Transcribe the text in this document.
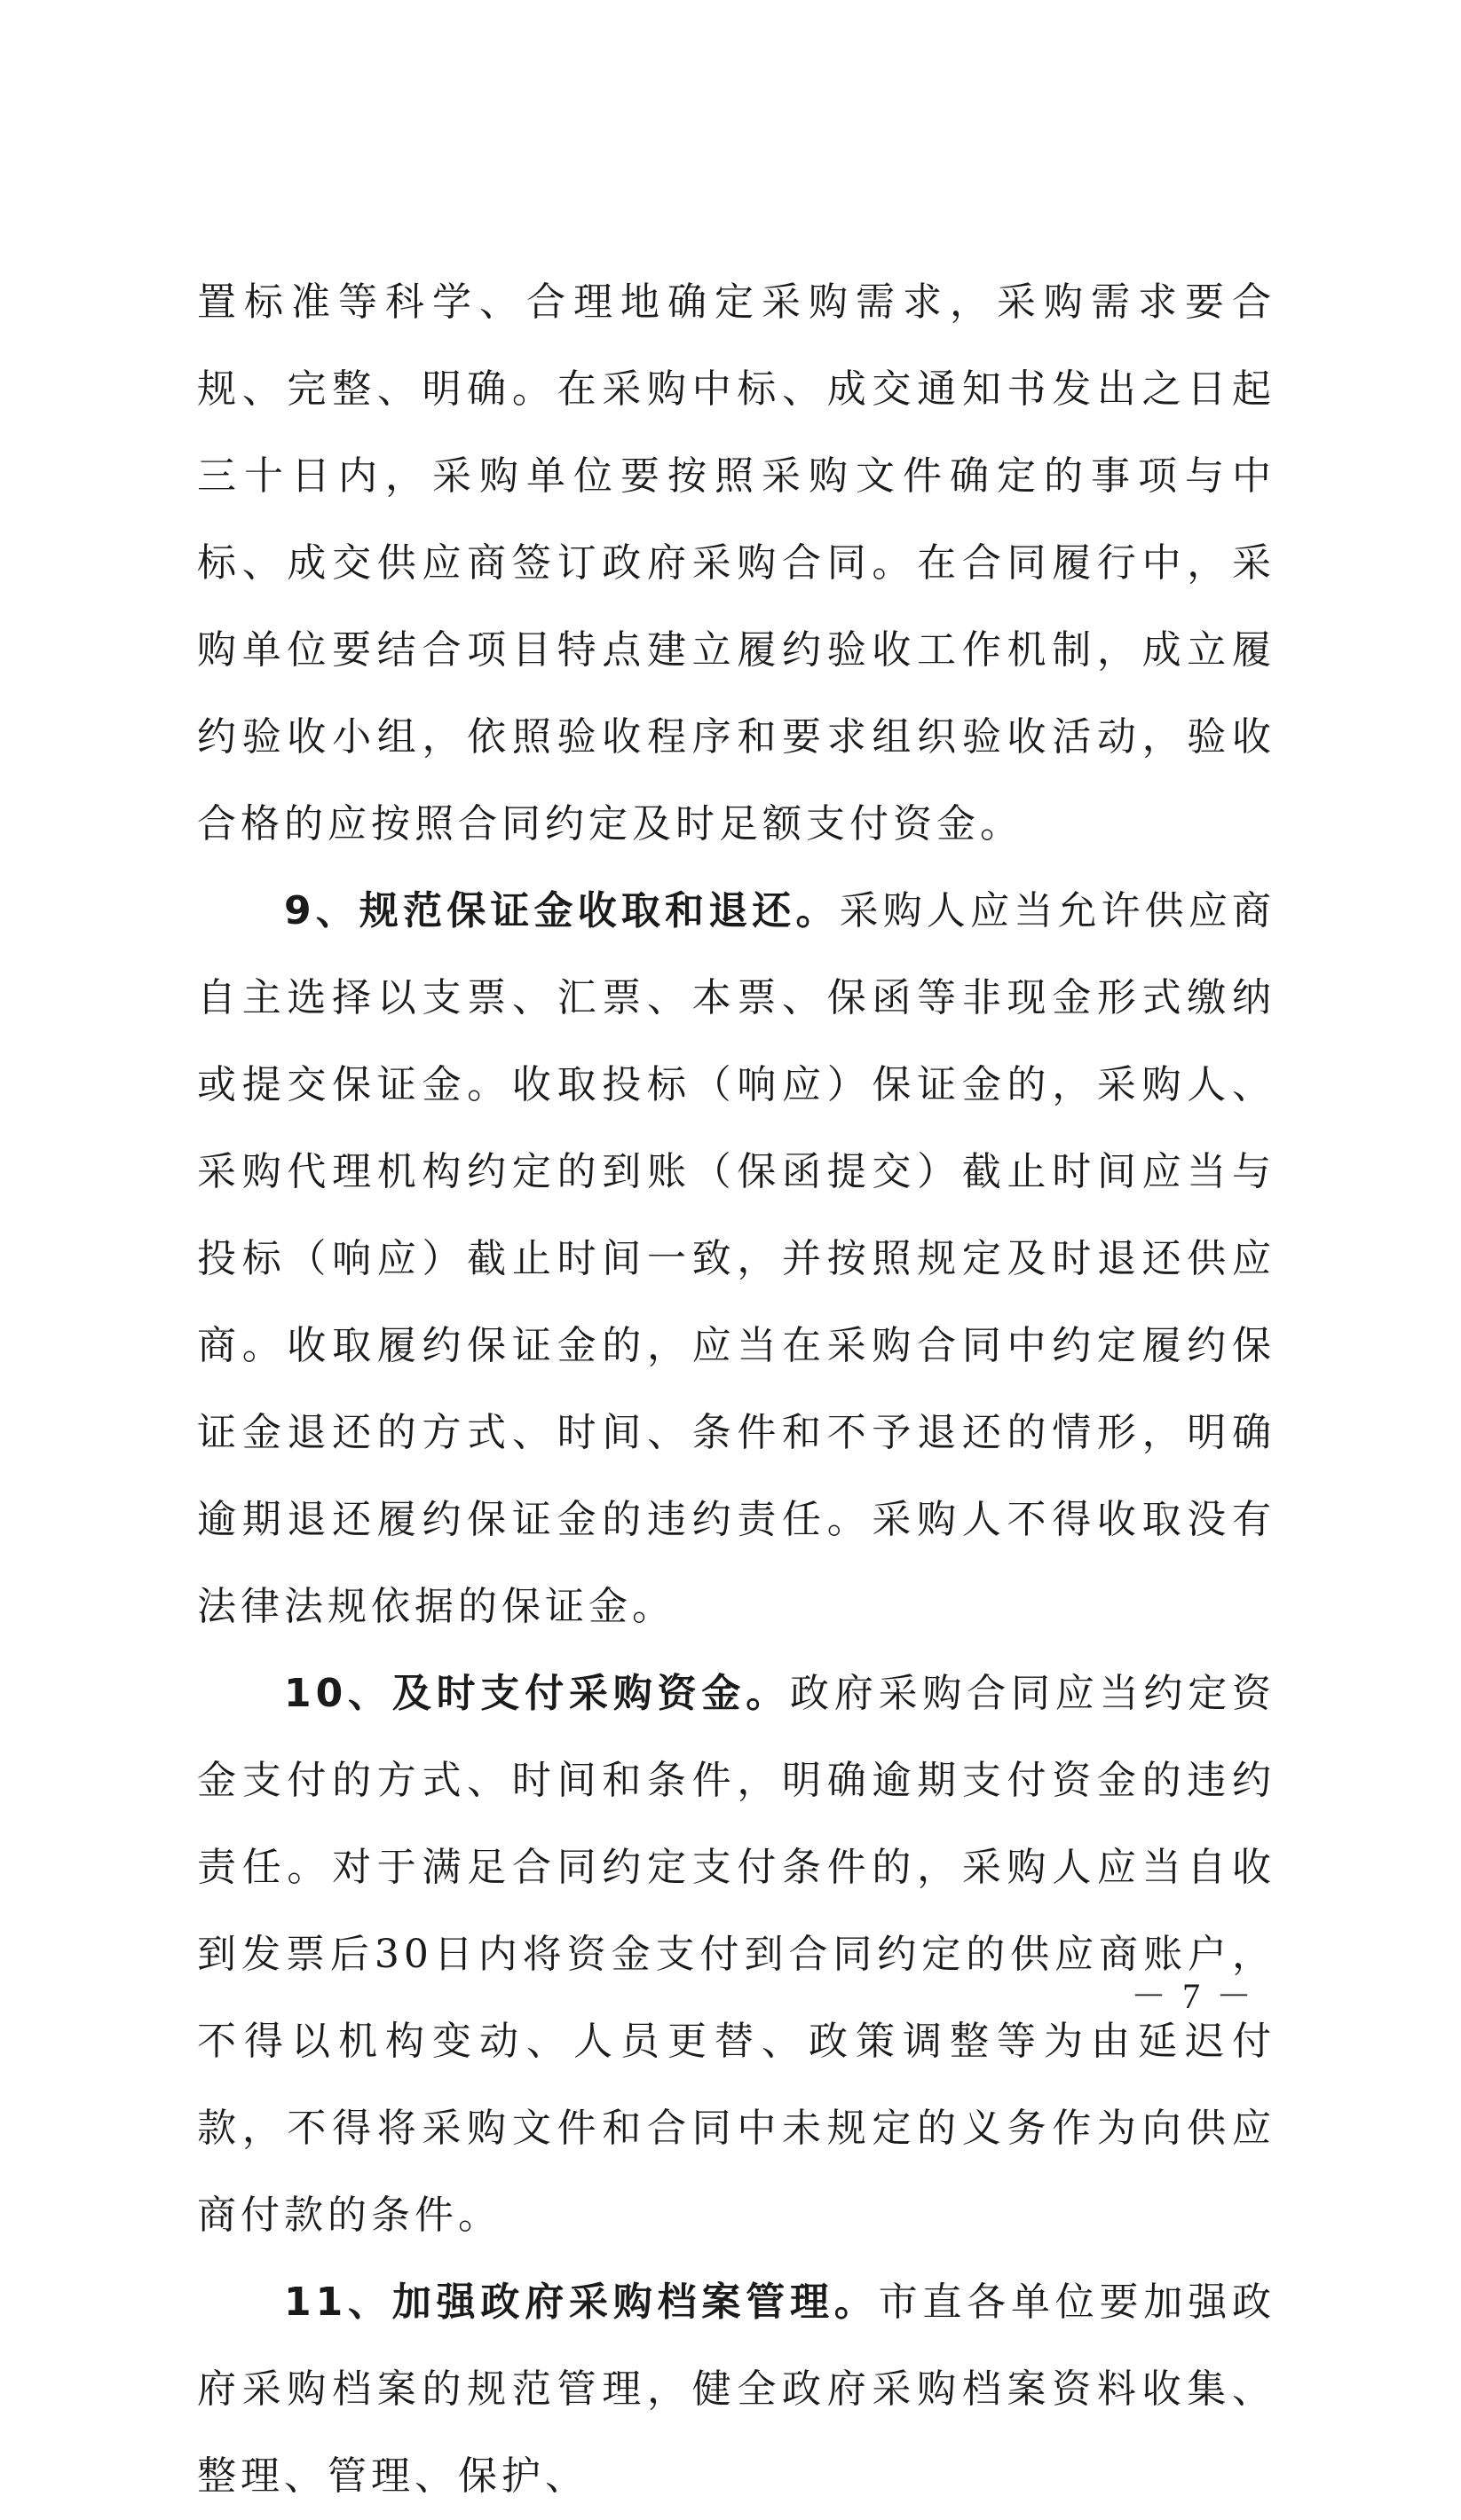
置标准等科学、合理地确定采购需求，采购需求要合规、完整、明确。在采购中标、成交通知书发出之日起三十日内，采购单位要按照采购文件确定的事项与中标、成交供应商签订政府采购合同。在合同履行中，采购单位要结合项目特点建立履约验收工作机制，成立履约验收小组，依照验收程序和要求组织验收活动，验收合格的应按照合同约定及时足额支付资金。

9、规范保证金收取和退还。采购人应当允许供应商自主选择以支票、汇票、本票、保函等非现金形式缴纳或提交保证金。收取投标（响应）保证金的，采购人、采购代理机构约定的到账（保函提交）截止时间应当与投标（响应）截止时间一致，并按照规定及时退还供应商。收取履约保证金的，应当在采购合同中约定履约保证金退还的方式、时间、条件和不予退还的情形，明确逾期退还履约保证金的违约责任。采购人不得收取没有法律法规依据的保证金。

10、及时支付采购资金。政府采购合同应当约定资金支付的方式、时间和条件，明确逾期支付资金的违约责任。对于满足合同约定支付条件的，采购人应当自收到发票后30日内将资金支付到合同约定的供应商账户，不得以机构变动、人员更替、政策调整等为由延迟付款，不得将采购文件和合同中未规定的义务作为向供应商付款的条件。

11、加强政府采购档案管理。市直各单位要加强政府采购档案的规范管理，健全政府采购档案资料收集、整理、管理、保护、

－ 7 －
